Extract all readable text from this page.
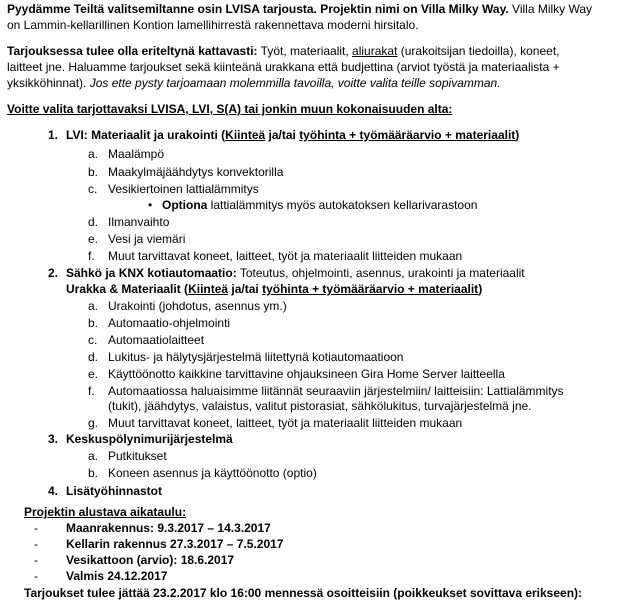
Pyydämme Teiltä valitsemiltanne osin LVISA tarjousta. Projektin nimi on Villa Milky Way. Villa Milky Way
on Lammin-kellarillinen Kontion lamellihirrestä rakennettava moderni hirsitalo.
Tarjouksessa tulee olla eriteltynä kattavasti: Työt, materiaalit, aliurakat (urakoitsijan tiedoilla), koneet,
laitteet jne. Haluamme tarjoukset sekä kiinteänä urakkana että budjettina (arviot työstä ja materiaalista +
yksikköhinnat). Jos ette pysty tarjoamaan molemmilla tavoilla, voitte valita teille sopivamman.
Voitte valita tarjottavaksi LVISA, LVI, S(A) tai jonkin muun kokonaisuuden alta:
1. LVI: Materiaalit ja urakointi (Kiinteä ja/tai työhinta + työmääräarvio + materiaalit)
a. Maalämpö
b. Maakylmäjäähdytys konvektorilla
c. Vesikiertoinen lattialämmitys
• Optiona lattialämmitys myös autokatoksen kellarivarastoon
d. Ilmanvaihto
e. Vesi ja viemäri
f. Muut tarvittavat koneet, laitteet, työt ja materiaalit liitteiden mukaan
2. Sähkö ja KNX kotiautomaatio: Toteutus, ohjelmointi, asennus, urakointi ja materiaalit
Urakka & Materiaalit (Kiinteä ja/tai työhinta + työmääräarvio + materiaalit)
a. Urakointi (johdotus, asennus ym.)
b. Automaatio-ohjelmointi
c. Automaatiolaitteet
d. Lukitus- ja hälytysjärjestelmä liitettynä kotiautomaatioon
e. Käyttöönotto kaikkine tarvittavine ohjauksineen Gira Home Server laitteella
f. Automaatiossa haluaisimme liitännät seuraaviin järjestelmiin/ laitteisiin: Lattialämmitys
(tukit), jäähdytys, valaistus, valitut pistorasiat, sähkölukitus, turvajärjestelmä jne.
g. Muut tarvittavat koneet, laitteet, työt ja materiaalit liitteiden mukaan
3. Keskuspölynimurijärjestelmä
a. Putkitukset
b. Koneen asennus ja käyttöönotto (optio)
4. Lisätyöhinnastot
Projektin alustava aikataulu:
- Maanrakennus: 9.3.2017 – 14.3.2017
- Kellarin rakennus 27.3.2017 – 7.5.2017
- Vesikattoon (arvio): 18.6.2017
- Valmis 24.12.2017
Tarjoukset tulee jättää 23.2.2017 klo 16:00 mennessä osoitteisiin (poikkeukset sovittava erikseen):
